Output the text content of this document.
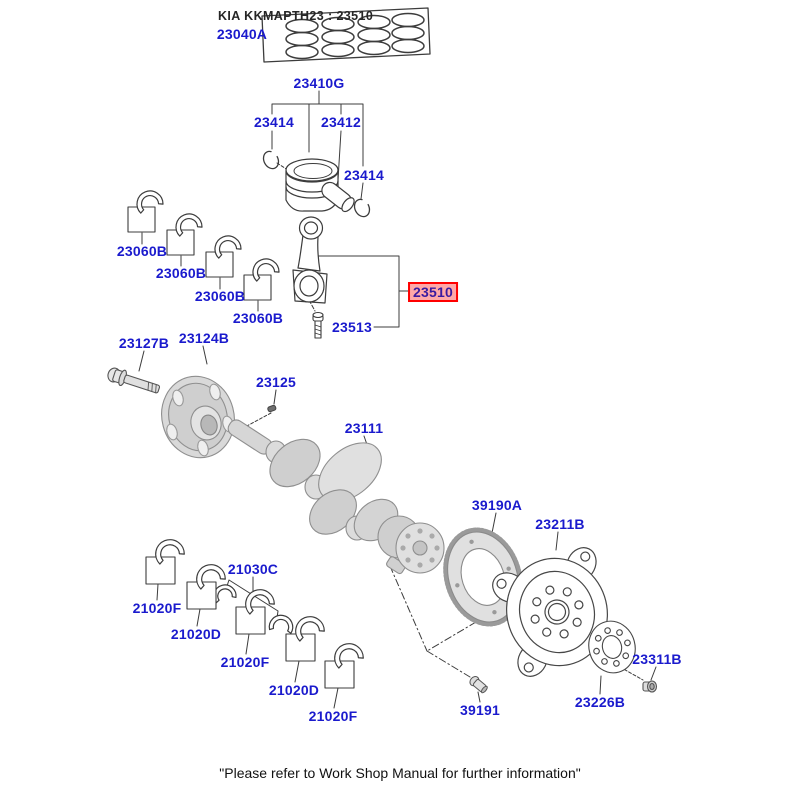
KIA KKMAPTH23 : 23510
"Please refer to Work Shop Manual for further information"
23040A
23410G
23414 23412
23414
23060B
23060B
23060B
23060B
23510
23513
23127B 23124B
23125
23111
21030C
21020F
21020D
21020F
21020D
21020F
39190A
23211B
23311B
23226B
39191
